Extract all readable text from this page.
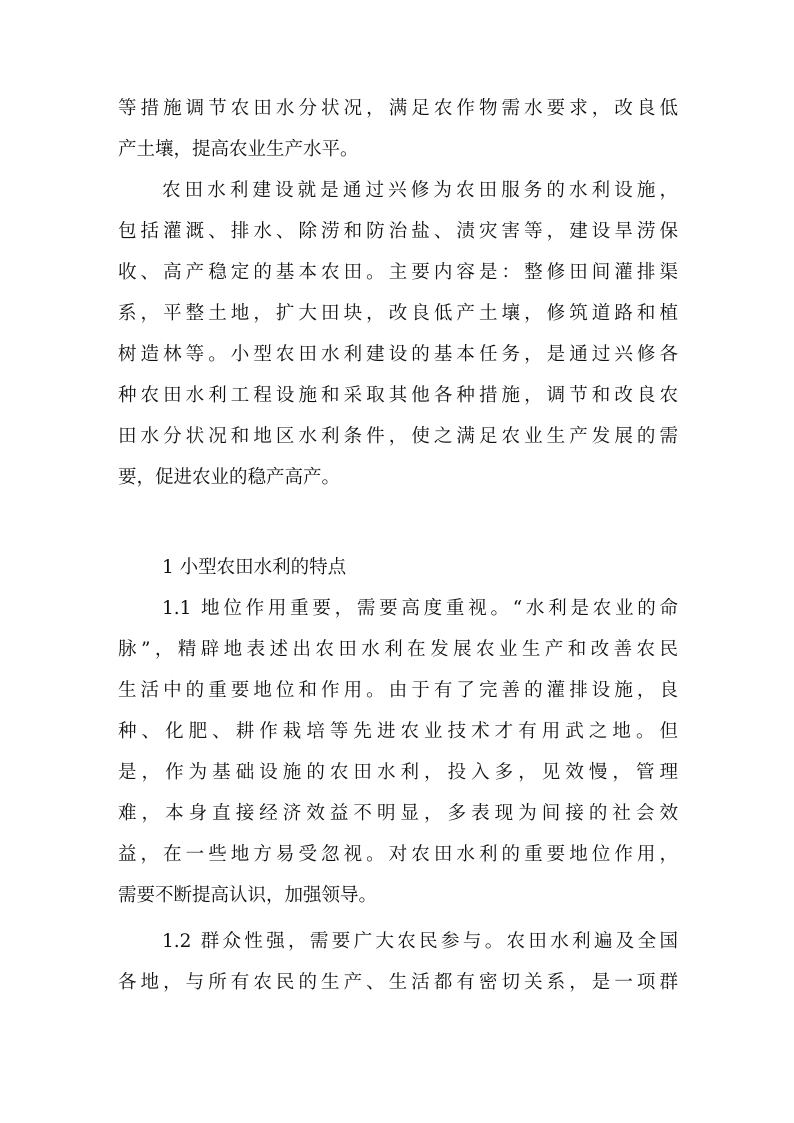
等措施调节农田水分状况，满足农作物需水要求，改良低
产土壤，提高农业生产水平。
农田水利建设就是通过兴修为农田服务的水利设施，
包括灌溉、排水、除涝和防治盐、渍灾害等，建设旱涝保
收、高产稳定的基本农田。主要内容是：整修田间灌排渠
系，平整土地，扩大田块，改良低产土壤，修筑道路和植
树造林等。小型农田水利建设的基本任务，是通过兴修各
种农田水利工程设施和采取其他各种措施，调节和改良农
田水分状况和地区水利条件，使之满足农业生产发展的需
要，促进农业的稳产高产。
1 小型农田水利的特点
1.1 地位作用重要，需要高度重视。“水利是农业的命
脉”，精辟地表述出农田水利在发展农业生产和改善农民
生活中的重要地位和作用。由于有了完善的灌排设施，良
种、化肥、耕作栽培等先进农业技术才有用武之地。但
是，作为基础设施的农田水利，投入多，见效慢，管理
难，本身直接经济效益不明显，多表现为间接的社会效
益，在一些地方易受忽视。对农田水利的重要地位作用，
需要不断提高认识，加强领导。
1.2 群众性强，需要广大农民参与。农田水利遍及全国
各地，与所有农民的生产、生活都有密切关系，是一项群
